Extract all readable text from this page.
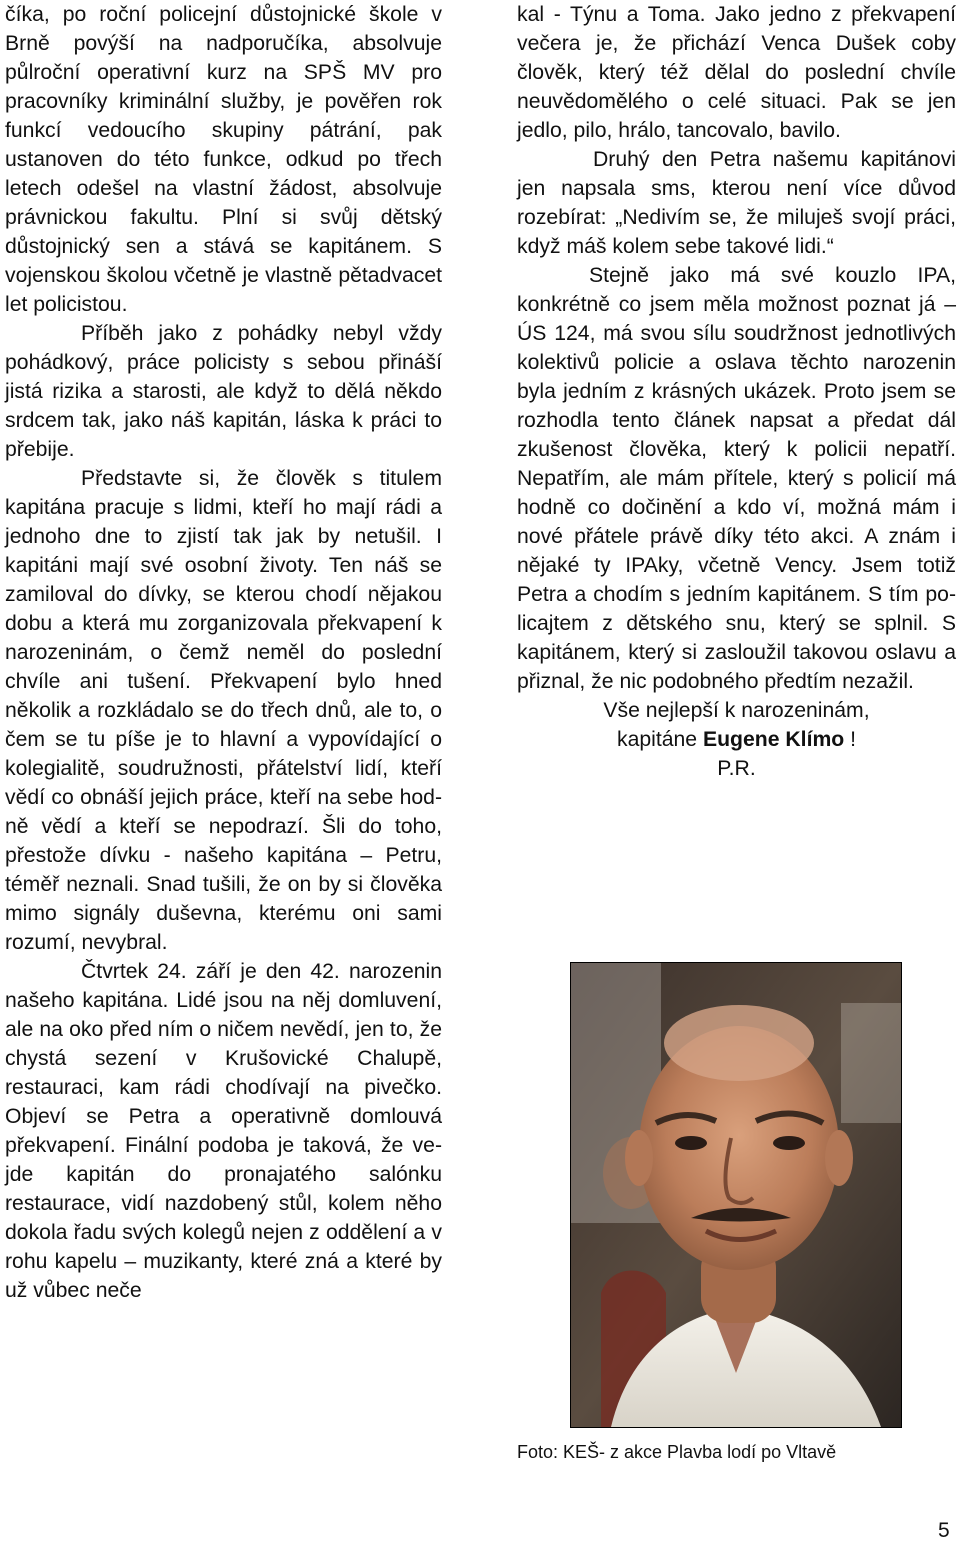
číka, po roční policejní důstojnické škole v Brně povýší na nadporučíka, absolvuje půlroční operativní kurz na SPŠ MV pro pracovníky kriminální služby, je pověřen rok funkcí vedoucího skupiny pátrání, pak ustanoven do této funkce, odkud po třech letech odešel na vlastní žádost, absolvuje právnickou fakultu. Plní si svůj dětský důstojnický sen a stává se kapitánem. S vojenskou školou včetně je vlastně pětadvacet let policistou.

Příběh jako z pohádky nebyl vždy pohádkový, práce policisty s sebou přináší jistá rizika a starosti, ale když to dělá někdo srdcem tak, jako náš kapitán, láska k práci to přebije.

Představte si, že člověk s titulem kapitána pracuje s lidmi, kteří ho mají rádi a jednoho dne to zjistí tak jak by netušil. I kapitáni mají své osobní životy. Ten náš se zamiloval do dívky, se kterou chodí nějakou dobu a která mu zorganizovala překvapení k narozeninám, o čemž neměl do poslední chvíle ani tušení. Překvapení bylo hned několik a rozkládalo se do třech dnů, ale to, o čem se tu píše je to hlavní a vypovídající o kolegialitě, soudružnosti, přátelství lidí, kteří vědí co obnáší jejich práce, kteří na sebe hodně vědí a kteří se nepodrazí. Šli do toho, přestože dívku - našeho kapitána – Petru, téměř neznali. Snad tušili, že on by si člověka mimo signály duševna, kterému oni sami rozumí, nevybral.

Čtvrtek 24. září je den 42. narozenin našeho kapitána. Lidé jsou na něj domluvení, ale na oko před ním o ničem nevědí, jen to, že chystá sezení v Krušovické Chalupě, restauraci, kam rádi chodívají na pivečko. Objeví se Petra a operativně domlouvá překvapení. Finální podoba je taková, že vejde kapitán do pronajatého salónku restaurace, vidí nazdobený stůl, kolem něho dokola řadu svých kolegů nejen z oddělení a v rohu kapelu – muzikanty, které zná a které by už vůbec neče

kal - Týnu a Toma. Jako jedno z překvapení večera je, že přichází Venca Dušek coby člověk, který též dělal do poslední chvíle neuvědomělého o celé situaci. Pak se jen jedlo, pilo, hrálo, tancovalo, bavilo.

Druhý den Petra našemu kapitánovi jen napsala sms, kterou není více důvod rozebírat: „Nedivím se, že miluješ svojí práci, když máš kolem sebe takové lidi.“

Stejně jako má své kouzlo IPA, konkrétně co jsem měla možnost poznat já – ÚS 124, má svou sílu soudržnost jednotlivých kolektivů policie a oslava těchto narozenin byla jedním z krásných ukázek. Proto jsem se rozhodla tento článek napsat a předat dál zkušenost člověka, který k policii nepatří. Nepatřím, ale mám přítele, který s policií má hodně co dočinění a kdo ví, možná mám i nové přátele právě díky této akci. A znám i nějaké ty IPAky, včetně Vency. Jsem totiž Petra a chodím s jedním kapitánem. S tím policajtem z dětského snu, který se splnil. S kapitánem, který si zasloužil takovou oslavu a přiznal, že nic podobného předtím nezažil.

Vše nejlepší k narozeninám,

kapitáne Eugene Klímo !

P.R.

Foto: KEŠ- z akce Plavba lodí po Vltavě
5
